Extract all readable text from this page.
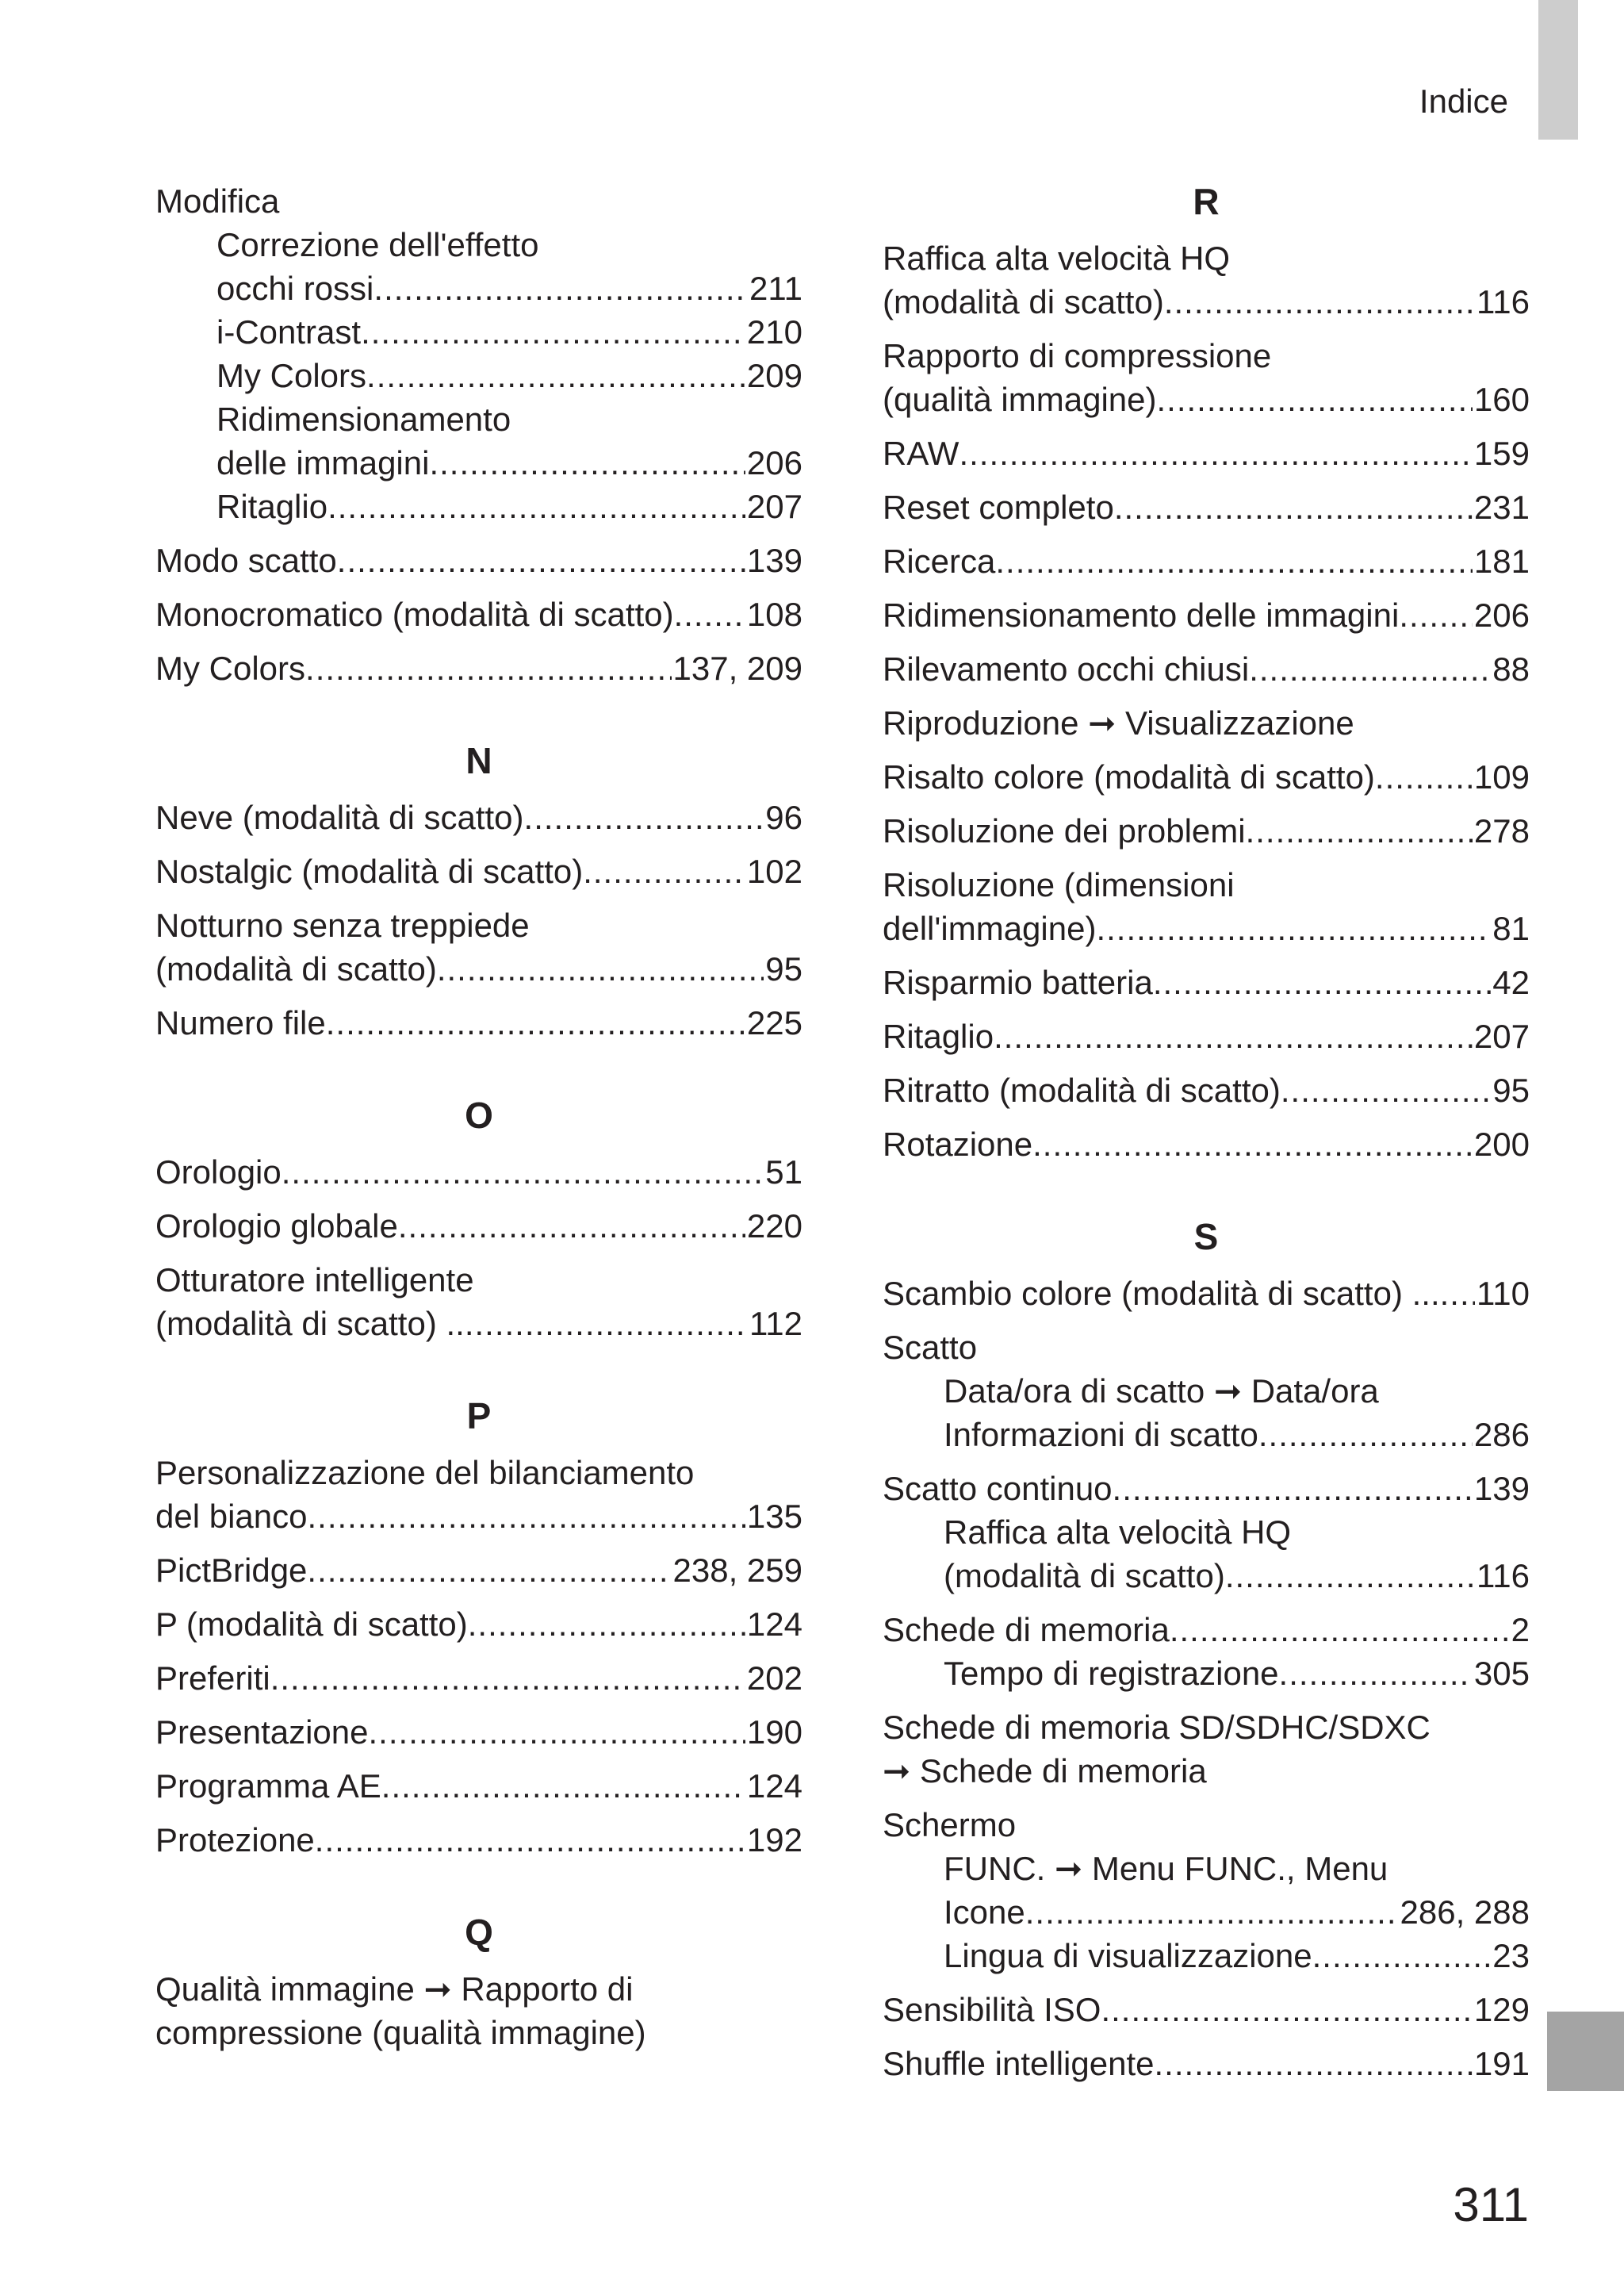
Indice
Modifica
Correzione dell'effetto
occhi rossi .....	211
i-Contrast .....	210
My Colors .....	209
Ridimensionamento
delle immagini .....	206
Ritaglio .....	207
Modo scatto .....	139
Monocromatico (modalità di scatto) ..... 108
My Colors .....	137, 209
N
Neve (modalità di scatto) .....	96
Nostalgic (modalità di scatto) .....	102
Notturno senza treppiede
(modalità di scatto) .....	95
Numero file .....	225
O
Orologio .....	51
Orologio globale .....	220
Otturatore intelligente
(modalità di scatto) .. .....	112
P
Personalizzazione del bilanciamento
del bianco .....	135
PictBridge .....	238, 259
P (modalità di scatto) .....	124
Preferiti .....	202
Presentazione .....	190
Programma AE .....	124
Protezione .....	192
Q
Qualità immagine ➞ Rapporto di
compressione (qualità immagine)
R
Raffica alta velocità HQ
(modalità di scatto) .....	116
Rapporto di compressione
(qualità immagine) .....	160
RAW .....	159
Reset completo .....	231
Ricerca .....	181
Ridimensionamento delle immagini ..... 206
Rilevamento occhi chiusi .....	88
Riproduzione ➞ Visualizzazione
Risalto colore (modalità di scatto) .....	109
Risoluzione dei problemi .....	278
Risoluzione (dimensioni
dell'immagine) .....	81
Risparmio batteria .....	42
Ritaglio .....	207
Ritratto (modalità di scatto) .....	95
Rotazione .....	200
S
Scambio colore (modalità di scatto) ... ..... 110
Scatto
Data/ora di scatto ➞ Data/ora
Informazioni di scatto .....	286
Scatto continuo .....	139
Raffica alta velocità HQ
(modalità di scatto) .....	116
Schede di memoria .....	2
Tempo di registrazione .....	305
Schede di memoria SD/SDHC/SDXC
➞ Schede di memoria
Schermo
FUNC. ➞ Menu FUNC., Menu
Icone .....	286, 288
Lingua di visualizzazione .....	23
Sensibilità ISO .....	129
Shuffle intelligente .....	191
311
